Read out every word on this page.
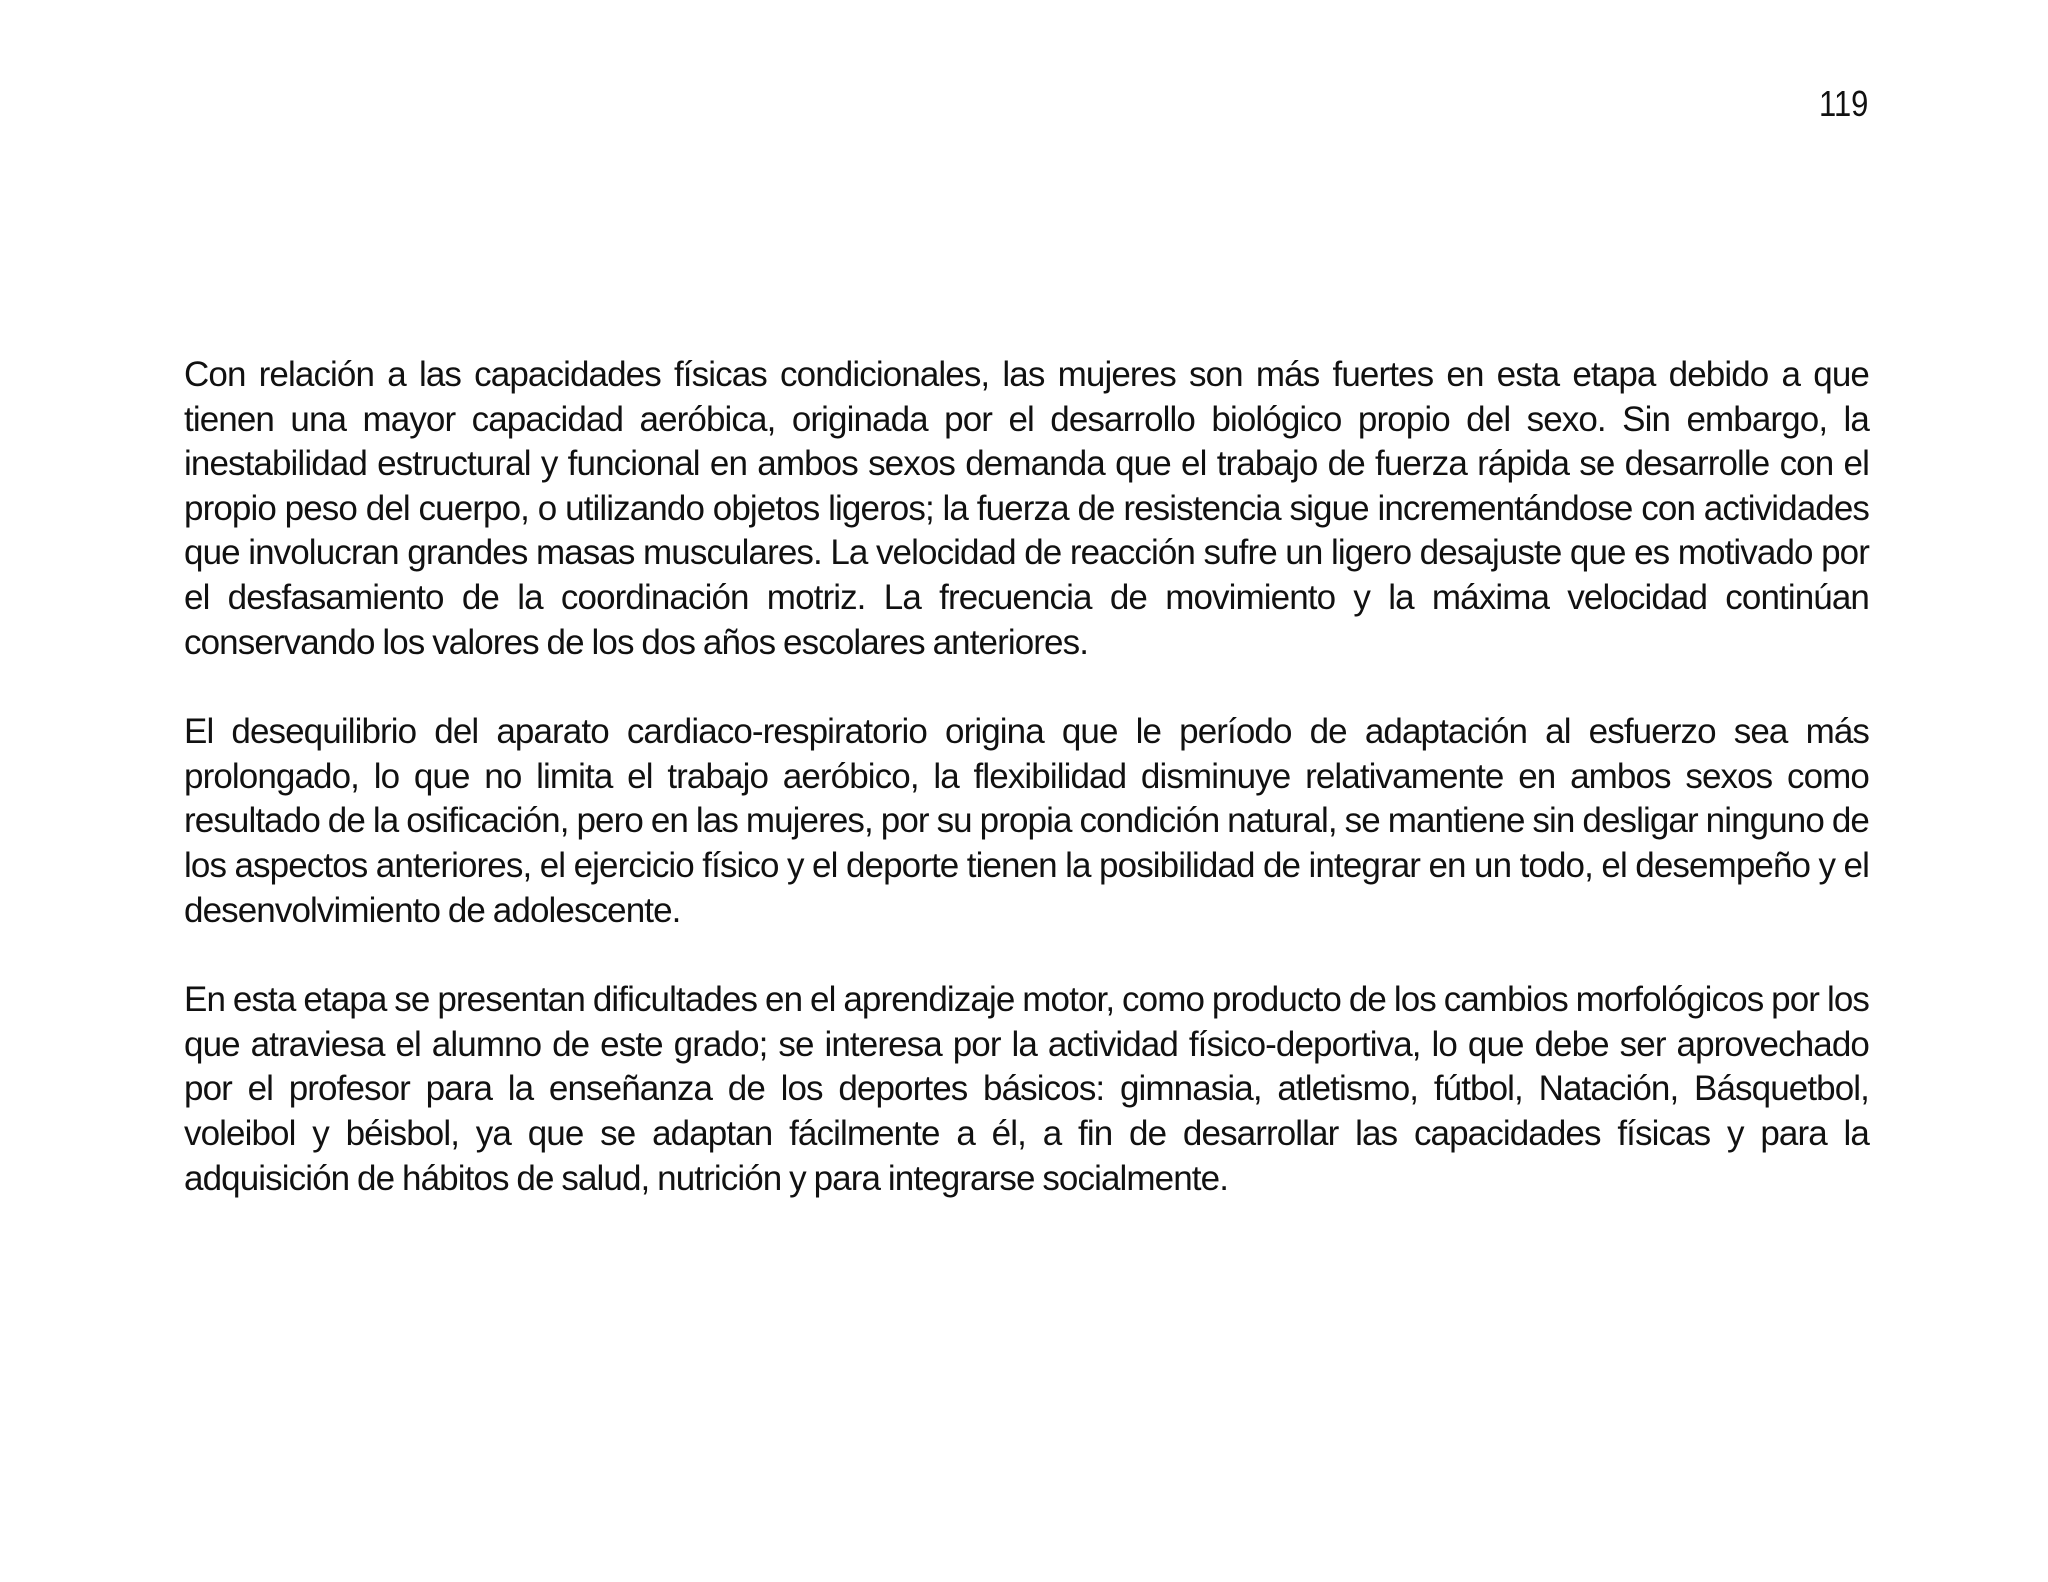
119

Con relación a las capacidades físicas condicionales, las mujeres son más fuertes en esta etapa debido a que tienen una mayor capacidad aeróbica, originada por el desarrollo biológico propio del sexo. Sin embargo, la inestabilidad estructural y funcional en ambos sexos demanda que el trabajo de fuerza rápida se desarrolle con el propio peso del cuerpo, o utilizando objetos ligeros; la fuerza de resistencia sigue incrementándose con actividades que involucran grandes masas musculares. La velocidad de reacción sufre un ligero desajuste que es motivado por el desfasamiento de la coordinación motriz. La frecuencia de movimiento y la máxima velocidad continúan conservando los valores de los dos años escolares anteriores.

El desequilibrio del aparato cardiaco-respiratorio origina que le período de adaptación al esfuerzo sea más prolongado, lo que no limita el trabajo aeróbico, la flexibilidad disminuye relativamente en ambos sexos como resultado de la osificación, pero en las mujeres, por su propia condición natural, se mantiene sin desligar ninguno de los aspectos anteriores, el ejercicio físico y el deporte tienen la posibilidad de integrar en un todo, el desempeño y el desenvolvimiento de adolescente.

En esta etapa se presentan dificultades en el aprendizaje motor, como producto de los cambios morfológicos por los que atraviesa el alumno de este grado; se interesa por la actividad físico-deportiva, lo que debe ser aprovechado por el profesor para la enseñanza de los deportes básicos: gimnasia, atletismo, fútbol, Natación, Básquetbol, voleibol y béisbol, ya que se adaptan fácilmente a él, a fin de desarrollar las capacidades físicas y para la adquisición de hábitos de salud, nutrición y para integrarse socialmente.
